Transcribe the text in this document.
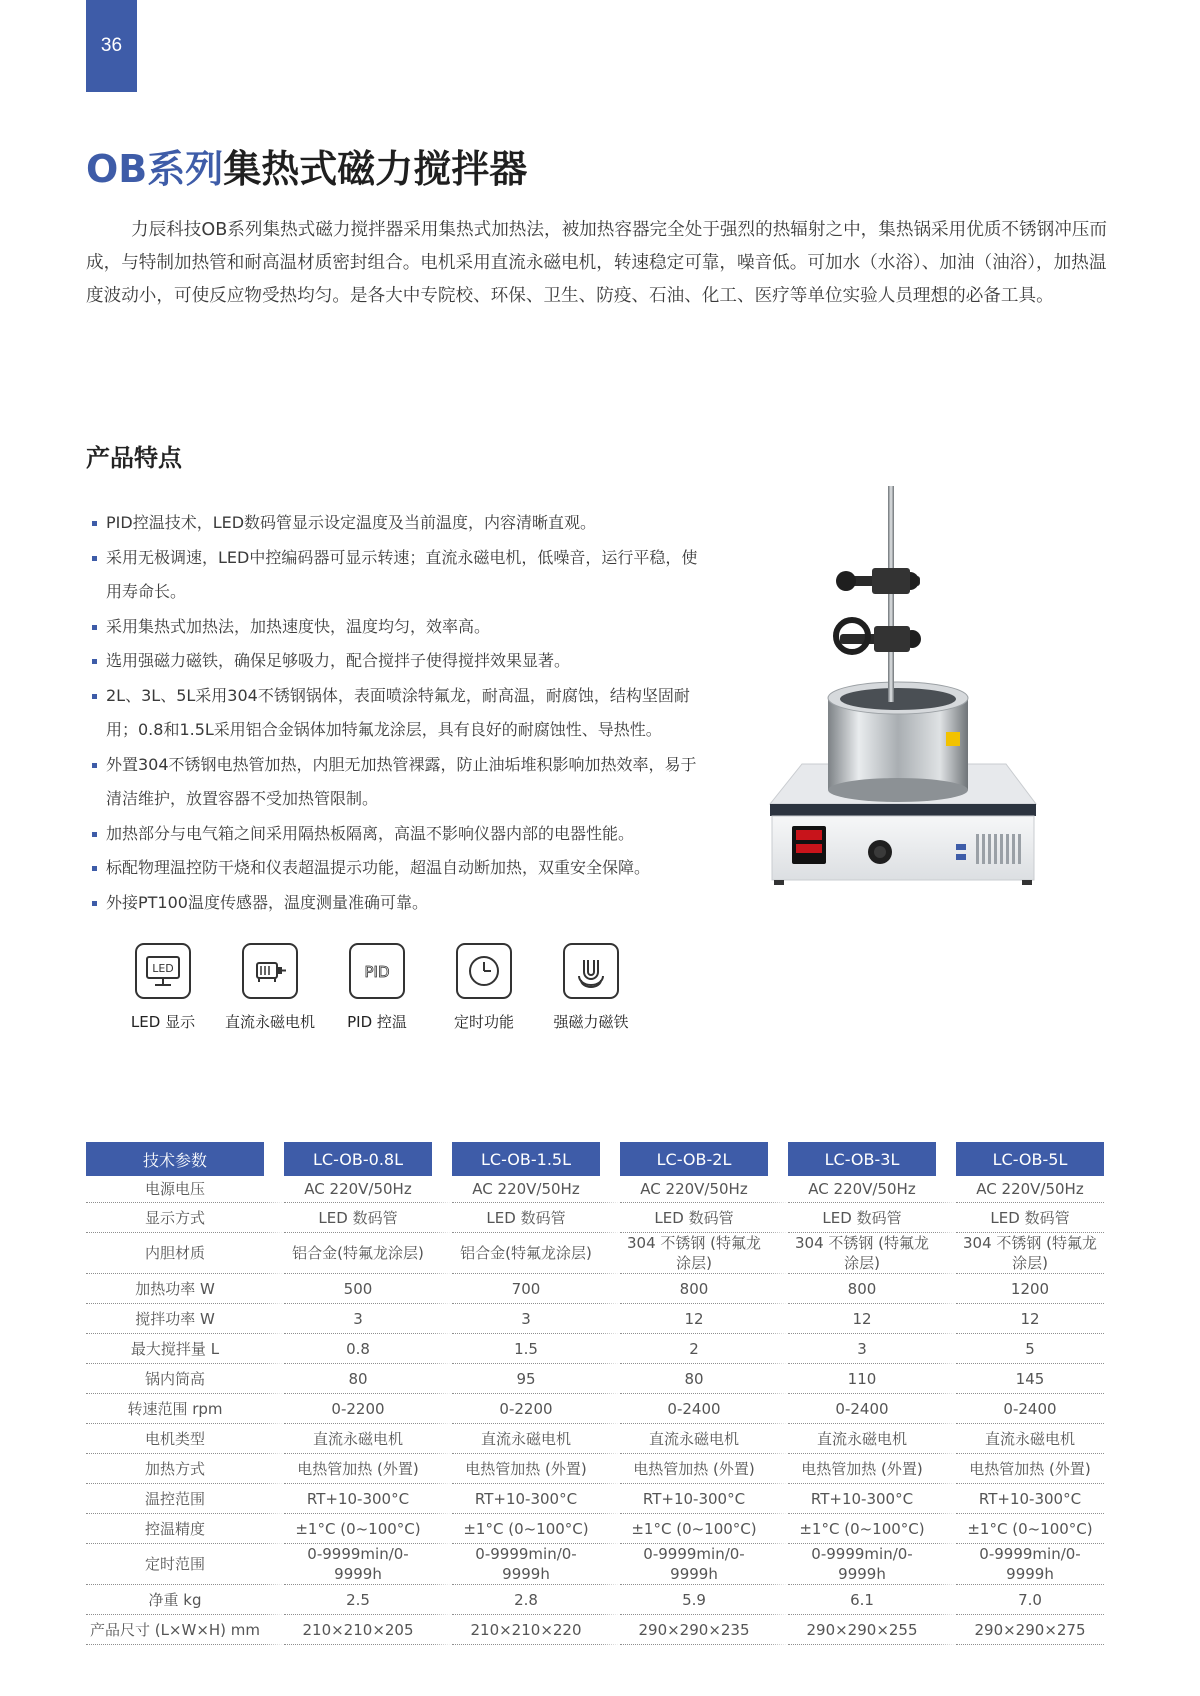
36
OB系列集热式磁力搅拌器

力辰科技OB系列集热式磁力搅拌器采用集热式加热法，被加热容器完全处于强烈的热辐射之中，集热锅采用优质不锈钢冲压而成，与特制加热管和耐高温材质密封组合。电机采用直流永磁电机，转速稳定可靠，噪音低。可加水（水浴）、加油（油浴），加热温度波动小，可使反应物受热均匀。是各大中专院校、环保、卫生、防疫、石油、化工、医疗等单位实验人员理想的必备工具。

产品特点
PID控温技术，LED数码管显示设定温度及当前温度，内容清晰直观。
采用无极调速，LED中控编码器可显示转速；直流永磁电机，低噪音，运行平稳，使用寿命长。
采用集热式加热法，加热速度快，温度均匀，效率高。
选用强磁力磁铁，确保足够吸力，配合搅拌子使得搅拌效果显著。
2L、3L、5L采用304不锈钢锅体，表面喷涂特氟龙，耐高温，耐腐蚀，结构坚固耐用；0.8和1.5L采用铝合金锅体加特氟龙涂层，具有良好的耐腐蚀性、导热性。
外置304不锈钢电热管加热，内胆无加热管裸露，防止油垢堆积影响加热效率，易于清洁维护，放置容器不受加热管限制。
加热部分与电气箱之间采用隔热板隔离，高温不影响仪器内部的电器性能。
标配物理温控防干烧和仪表超温提示功能，超温自动断加热，双重安全保障。
外接PT100温度传感器，温度测量准确可靠。
LED
LED 显示	直流永磁电机
PID
PID 控温	定时功能	强磁力磁铁
技术参数	LC-OB-0.8L	LC-OB-1.5L	LC-OB-2L	LC-OB-3L	LC-OB-5L
电源电压	AC 220V/50Hz	AC 220V/50Hz	AC 220V/50Hz	AC 220V/50Hz	AC 220V/50Hz
显示方式	LED 数码管	LED 数码管	LED 数码管	LED 数码管	LED 数码管
内胆材质	铝合金(特氟龙涂层)	铝合金(特氟龙涂层)	304 不锈钢 (特氟龙涂层)	304 不锈钢 (特氟龙涂层)	304 不锈钢 (特氟龙涂层)
加热功率 W	500	700	800	800	1200
搅拌功率 W	3	3	12	12	12
最大搅拌量 L	0.8	1.5	2	3	5
锅内筒高	80	95	80	110	145
转速范围 rpm	0-2200	0-2200	0-2400	0-2400	0-2400
电机类型	直流永磁电机	直流永磁电机	直流永磁电机	直流永磁电机	直流永磁电机
加热方式	电热管加热 (外置)	电热管加热 (外置)	电热管加热 (外置)	电热管加热 (外置)	电热管加热 (外置)
温控范围	RT+10-300°C	RT+10-300°C	RT+10-300°C	RT+10-300°C	RT+10-300°C
控温精度	±1°C (0~100°C)	±1°C (0~100°C)	±1°C (0~100°C)	±1°C (0~100°C)	±1°C (0~100°C)
定时范围	0-9999min/0-9999h	0-9999min/0-9999h	0-9999min/0-9999h	0-9999min/0-9999h	0-9999min/0-9999h
净重 kg	2.5	2.8	5.9	6.1	7.0
产品尺寸 (L×W×H) mm	210×210×205	210×210×220	290×290×235	290×290×255	290×290×275
